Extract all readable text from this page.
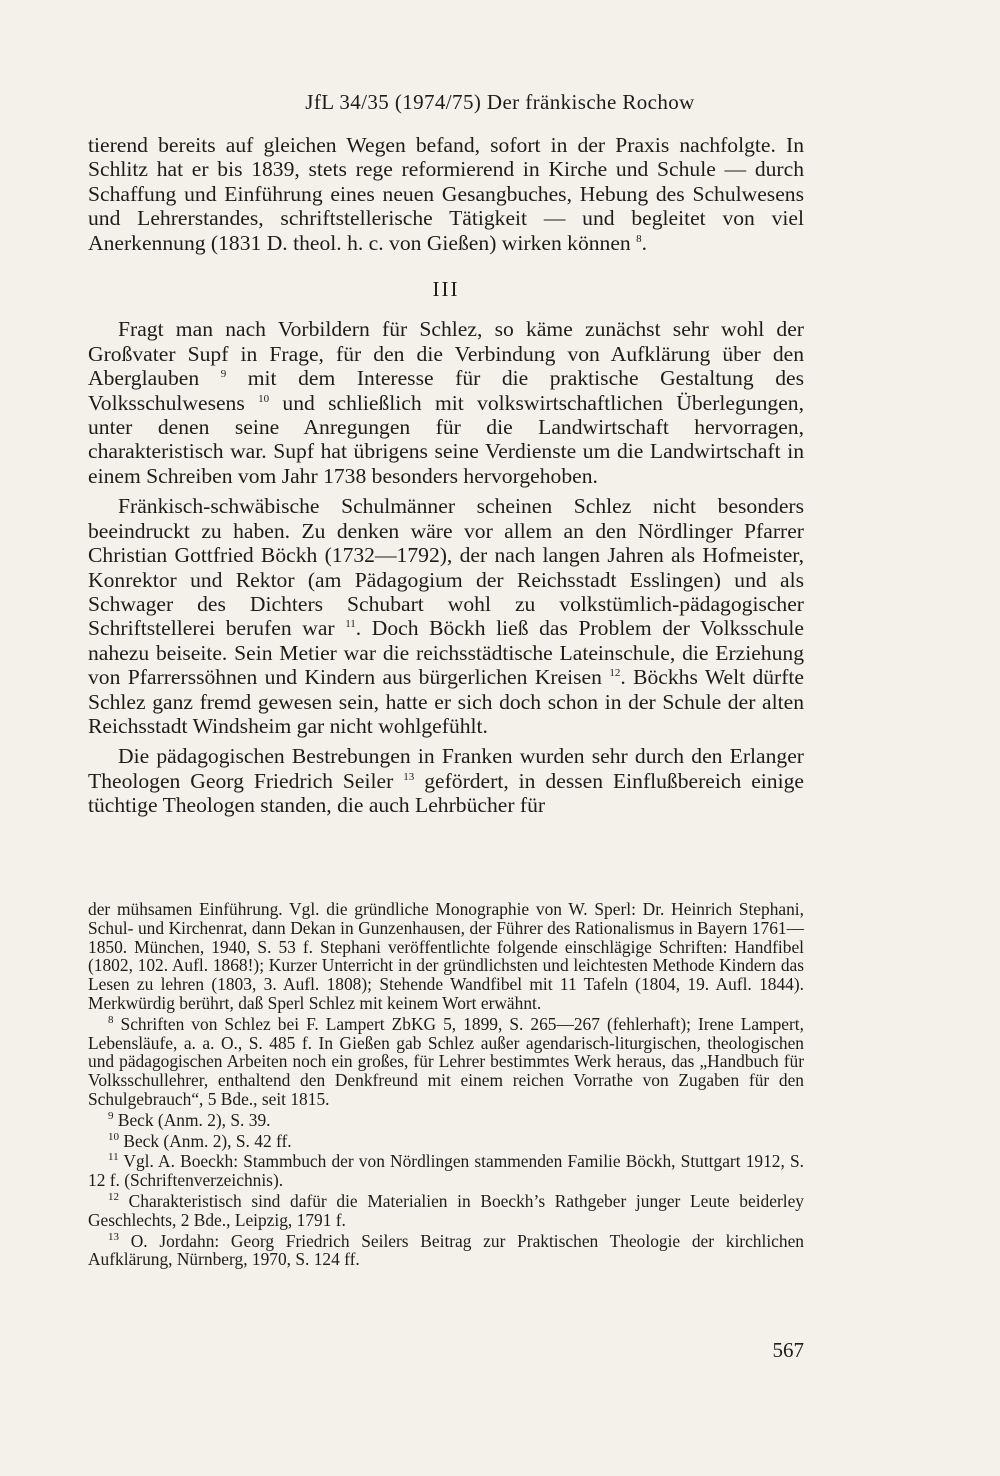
JfL 34/35 (1974/75) Der fränkische Rochow

tierend bereits auf gleichen Wegen befand, sofort in der Praxis nachfolgte. In Schlitz hat er bis 1839, stets rege reformierend in Kirche und Schule — durch Schaffung und Einführung eines neuen Gesangbuches, Hebung des Schulwesens und Lehrerstandes, schriftstellerische Tätigkeit — und begleitet von viel Anerkennung (1831 D. theol. h. c. von Gießen) wirken können $^8$.

III

Fragt man nach Vorbildern für Schlez, so käme zunächst sehr wohl der Großvater Supf in Frage, für den die Verbindung von Aufklärung über den Aberglauben $^9$ mit dem Interesse für die praktische Gestaltung des Volksschulwesens $^{10}$ und schließlich mit volkswirtschaftlichen Überlegungen, unter denen seine Anregungen für die Landwirtschaft hervorragen, charakteristisch war. Supf hat übrigens seine Verdienste um die Landwirtschaft in einem Schreiben vom Jahr 1738 besonders hervorgehoben.

Fränkisch-schwäbische Schulmänner scheinen Schlez nicht besonders beeindruckt zu haben. Zu denken wäre vor allem an den Nördlinger Pfarrer Christian Gottfried Böckh (1732—1792), der nach langen Jahren als Hofmeister, Konrektor und Rektor (am Pädagogium der Reichsstadt Esslingen) und als Schwager des Dichters Schubart wohl zu volkstümlich-pädagogischer Schriftstellerei berufen war $^{11}$. Doch Böckh ließ das Problem der Volksschule nahezu beiseite. Sein Metier war die reichsstädtische Lateinschule, die Erziehung von Pfarrerssöhnen und Kindern aus bürgerlichen Kreisen $^{12}$. Böckhs Welt dürfte Schlez ganz fremd gewesen sein, hatte er sich doch schon in der Schule der alten Reichsstadt Windsheim gar nicht wohlgefühlt.

Die pädagogischen Bestrebungen in Franken wurden sehr durch den Erlanger Theologen Georg Friedrich Seiler $^{13}$ gefördert, in dessen Einflußbereich einige tüchtige Theologen standen, die auch Lehrbücher für

der mühsamen Einführung. Vgl. die gründliche Monographie von W. Sperl: Dr. Heinrich Stephani, Schul- und Kirchenrat, dann Dekan in Gunzenhausen, der Führer des Rationalismus in Bayern 1761—1850. München, 1940, S. 53 f. Stephani veröffentlichte folgende einschlägige Schriften: Handfibel (1802, 102. Aufl. 1868!); Kurzer Unterricht in der gründlichsten und leichtesten Methode Kindern das Lesen zu lehren (1803, 3. Aufl. 1808); Stehende Wandfibel mit 11 Tafeln (1804, 19. Aufl. 1844). Merkwürdig berührt, daß Sperl Schlez mit keinem Wort erwähnt.

$^8$ Schriften von Schlez bei F. Lampert ZbKG 5, 1899, S. 265—267 (fehlerhaft); Irene Lampert, Lebensläufe, a. a. O., S. 485 f. In Gießen gab Schlez außer agendarisch-liturgischen, theologischen und pädagogischen Arbeiten noch ein großes, für Lehrer bestimmtes Werk heraus, das „Handbuch für Volksschullehrer, enthaltend den Denkfreund mit einem reichen Vorrathe von Zugaben für den Schulgebrauch“, 5 Bde., seit 1815.

$^9$ Beck (Anm. 2), S. 39.

$^{10}$ Beck (Anm. 2), S. 42 ff.

$^{11}$ Vgl. A. Boeckh: Stammbuch der von Nördlingen stammenden Familie Böckh, Stuttgart 1912, S. 12 f. (Schriftenverzeichnis).

$^{12}$ Charakteristisch sind dafür die Materialien in Boeckh’s Rathgeber junger Leute beiderley Geschlechts, 2 Bde., Leipzig, 1791 f.

$^{13}$ O. Jordahn: Georg Friedrich Seilers Beitrag zur Praktischen Theologie der kirchlichen Aufklärung, Nürnberg, 1970, S. 124 ff.

567
